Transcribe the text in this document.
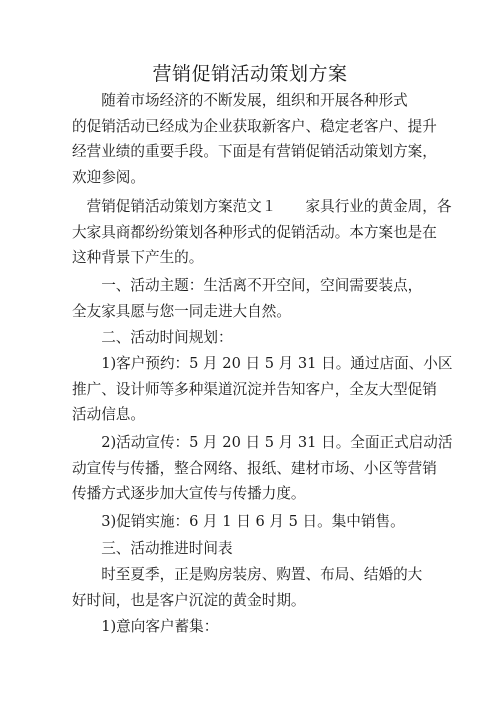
营销促销活动策划方案
　　随着市场经济的不断发展，组织和开展各种形式
的促销活动已经成为企业获取新客户、稳定老客户、提升
经营业绩的重要手段。下面是有营销促销活动策划方案，
欢迎参阅。
　营销促销活动策划方案范文１　　家具行业的黄金周，各
大家具商都纷纷策划各种形式的促销活动。本方案也是在
这种背景下产生的。
　　一、活动主题：生活离不开空间，空间需要装点，
全友家具愿与您一同走进大自然。
　　二、活动时间规划：
　　1)客户预约：5 月 20 日 5 月 31 日。通过店面、小区
推广、设计师等多种渠道沉淀并告知客户，全友大型促销
活动信息。
　　2)活动宣传：5 月 20 日 5 月 31 日。全面正式启动活
动宣传与传播，整合网络、报纸、建材市场、小区等营销
传播方式逐步加大宣传与传播力度。
　　3)促销实施：6 月 1 日 6 月 5 日。集中销售。
　　三、活动推进时间表
　　时至夏季，正是购房装房、购置、布局、结婚的大
好时间，也是客户沉淀的黄金时期。
　　1)意向客户蓄集：
